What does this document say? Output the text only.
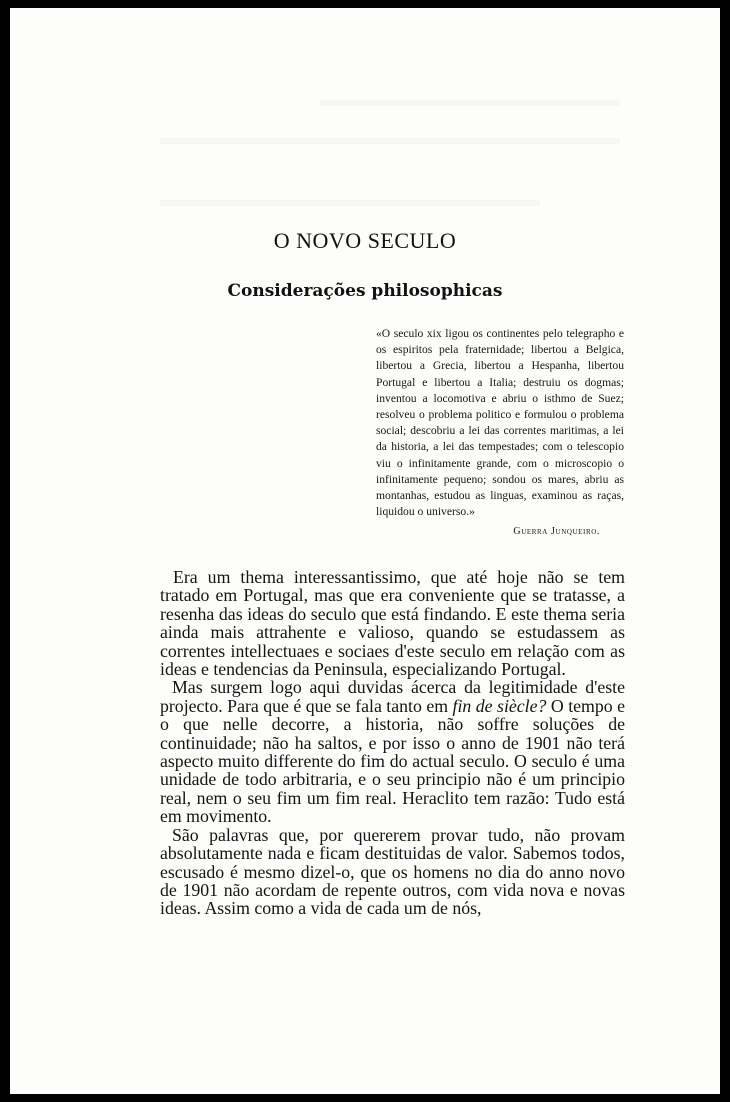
O NOVO SECULO
Considerações philosophicas
«O seculo xix ligou os continentes pelo telegrapho e os espiritos pela fraternidade; libertou a Belgica, libertou a Grecia, libertou a Hespanha, libertou Portugal e libertou a Italia; destruiu os dogmas; inventou a locomotiva e abriu o isthmo de Suez; resolveu o problema politico e formulou o problema social; descobriu a lei das correntes maritimas, a lei da historia, a lei das tempestades; com o telescopio viu o infinitamente grande, com o microscopio o infinitamente pequeno; sondou os mares, abriu as montanhas, estudou as linguas, examinou as raças, liquidou o universo.»
Guerra Junqueiro.

Era um thema interessantissimo, que até hoje não se tem tratado em Portugal, mas que era conveniente que se tratasse, a resenha das ideas do seculo que está findando. E este thema seria ainda mais attrahente e valioso, quando se estudassem as correntes intellectuaes e sociaes d'este seculo em relação com as ideas e tendencias da Peninsula, especializando Portugal.

Mas surgem logo aqui duvidas ácerca da legitimidade d'este projecto. Para que é que se fala tanto em fin de siècle? O tempo e o que nelle decorre, a historia, não soffre soluções de continuidade; não ha saltos, e por isso o anno de 1901 não terá aspecto muito differente do fim do actual seculo. O seculo é uma unidade de todo arbitraria, e o seu principio não é um principio real, nem o seu fim um fim real. Heraclito tem razão: Tudo está em movimento.

São palavras que, por quererem provar tudo, não provam absolutamente nada e ficam destituidas de valor. Sabemos todos, escusado é mesmo dizel-o, que os homens no dia do anno novo de 1901 não acordam de repente outros, com vida nova e novas ideas. Assim como a vida de cada um de nós,
